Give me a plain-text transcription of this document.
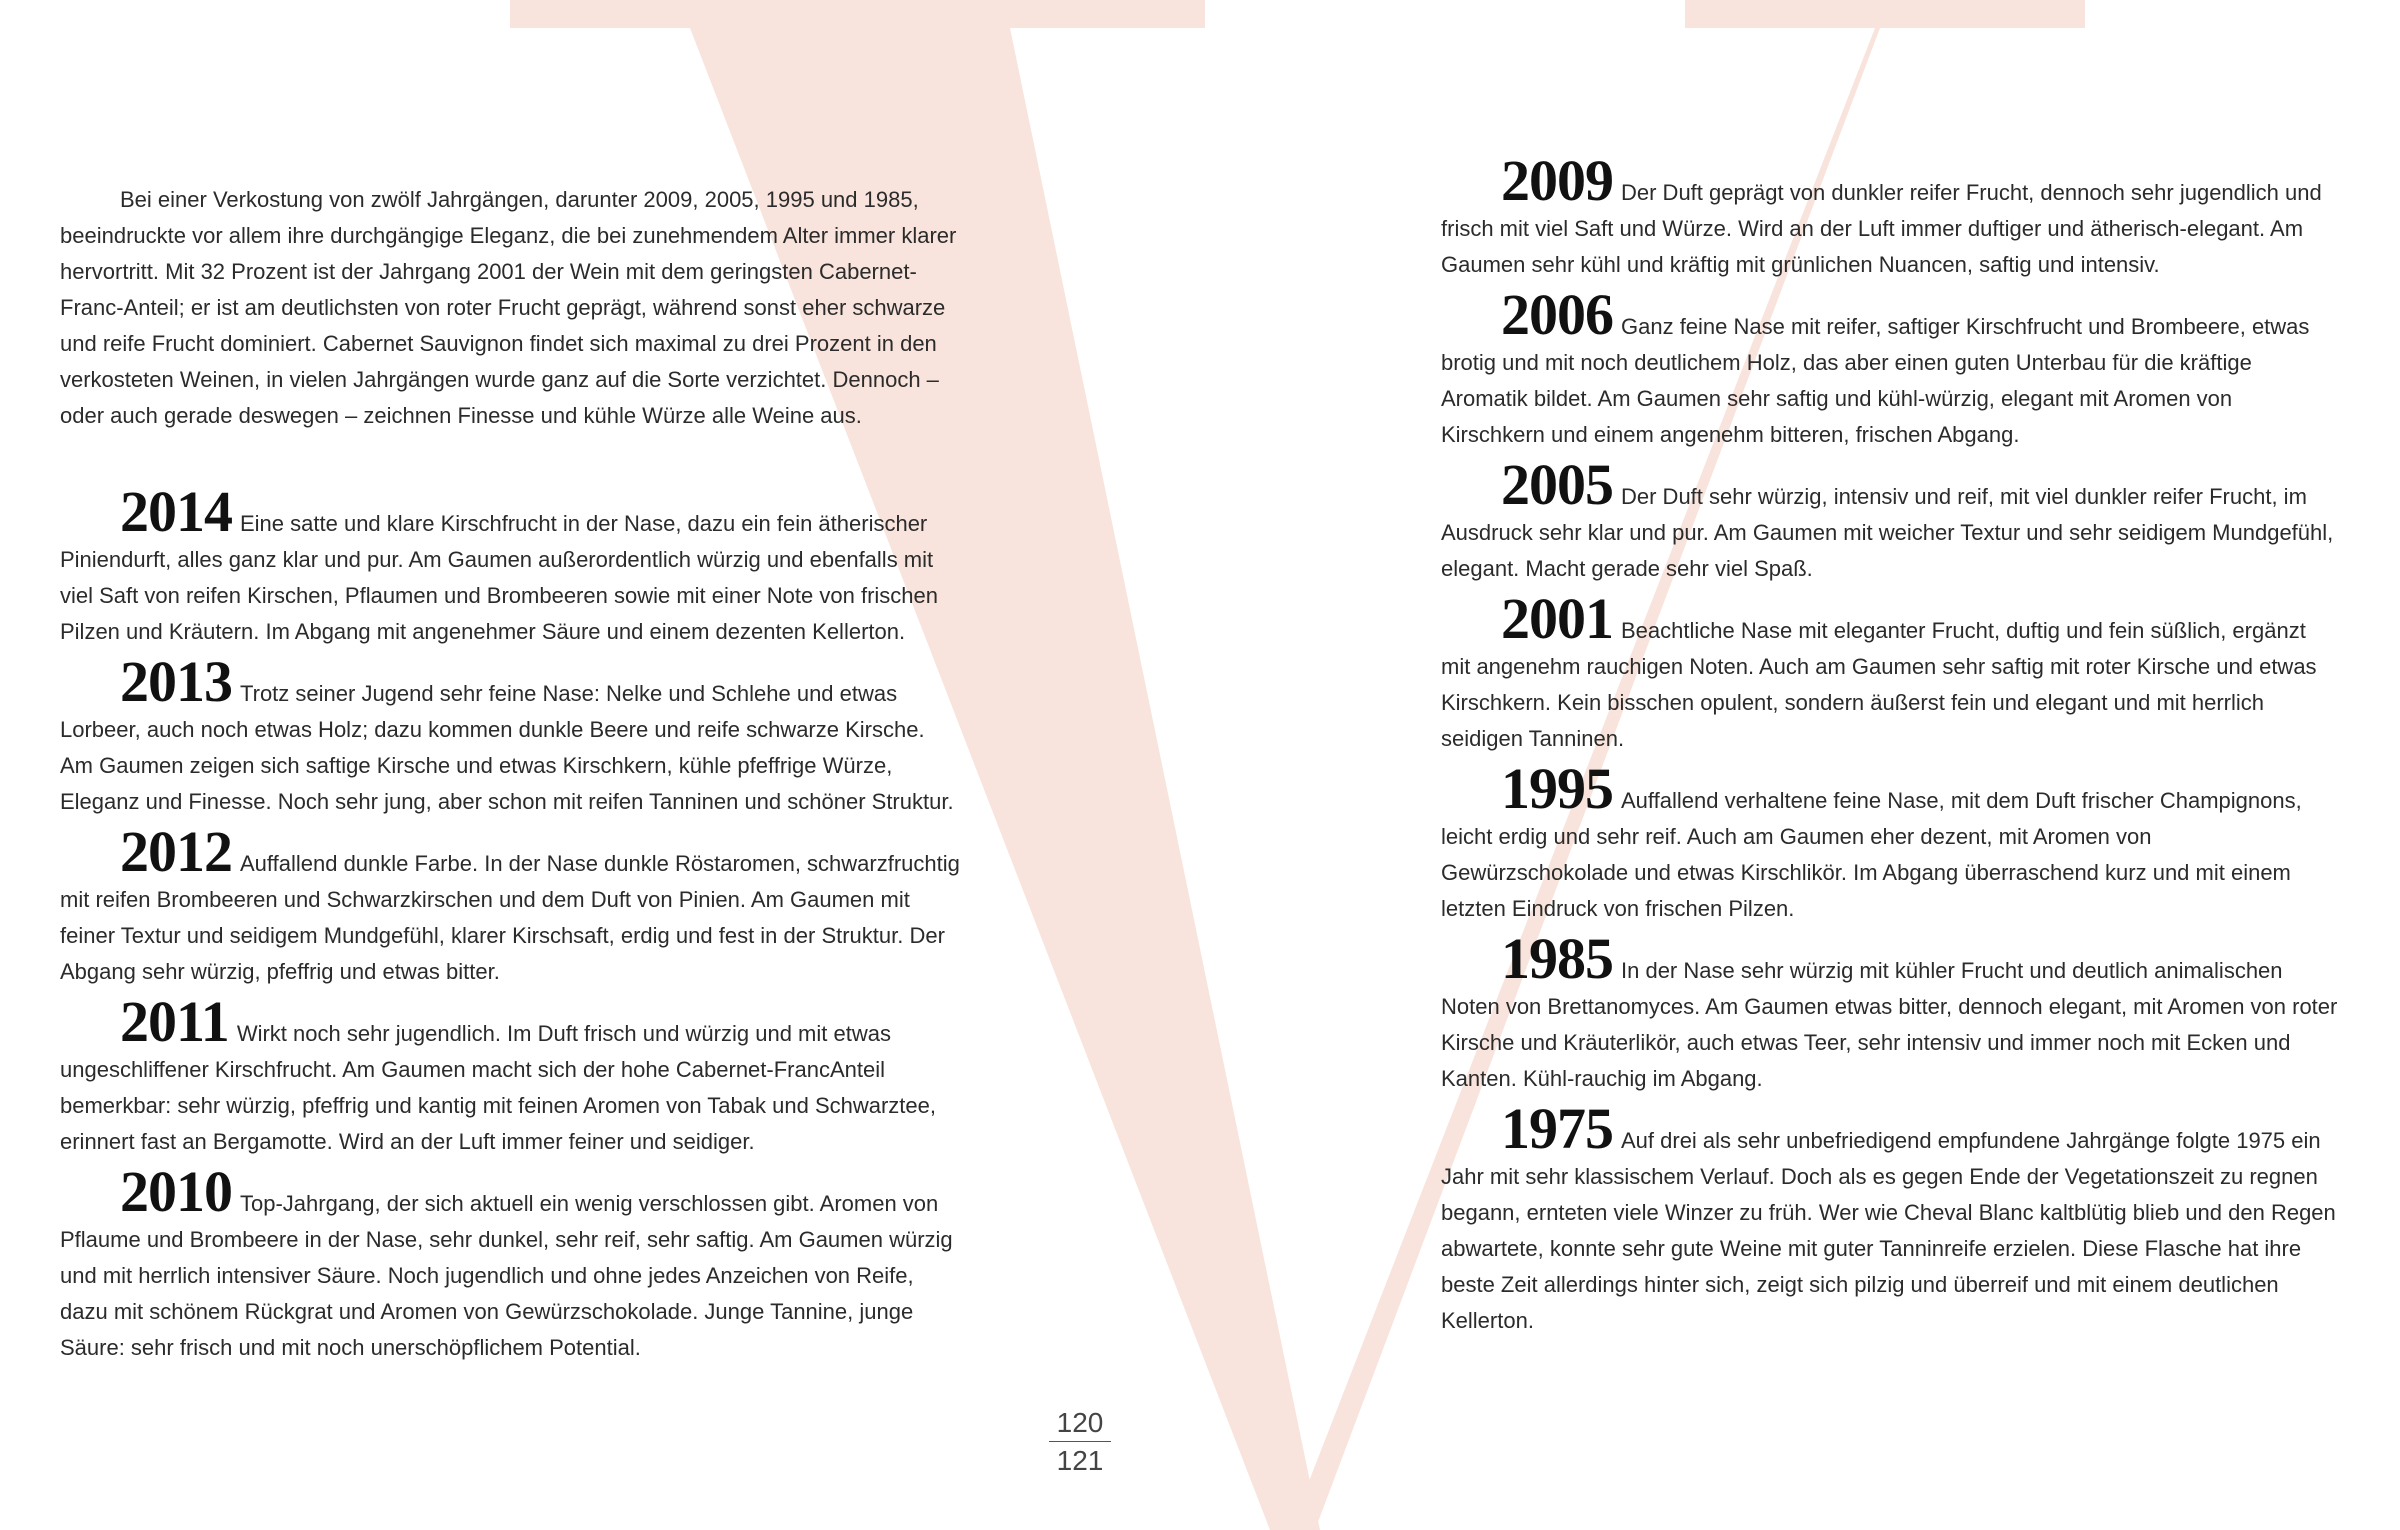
Bei einer Verkostung von zwölf Jahrgängen, darunter 2009, 2005, 1995 und 1985, beeindruckte vor allem ihre durchgängige Eleganz, die bei zunehmendem Alter immer klarer hervortritt. Mit 32 Prozent ist der Jahrgang 2001 der Wein mit dem geringsten Cabernet-Franc-Anteil; er ist am deutlichsten von roter Frucht geprägt, während sonst eher schwarze und reife Frucht dominiert. Cabernet Sauvignon findet sich maximal zu drei Prozent in den verkosteten Weinen, in vielen Jahrgängen wurde ganz auf die Sorte verzichtet. Dennoch – oder auch gerade deswegen – zeichnen Finesse und kühle Würze alle Weine aus.

2014 Eine satte und klare Kirschfrucht in der Nase, dazu ein fein ätherischer Piniendurft, alles ganz klar und pur. Am Gaumen außerordentlich würzig und ebenfalls mit viel Saft von reifen Kirschen, Pflaumen und Brombeeren sowie mit einer Note von frischen Pilzen und Kräutern. Im Abgang mit angenehmer Säure und einem dezenten Kellerton.

2013 Trotz seiner Jugend sehr feine Nase: Nelke und Schlehe und etwas Lorbeer, auch noch etwas Holz; dazu kommen dunkle Beere und reife schwarze Kirsche. Am Gaumen zeigen sich saftige Kirsche und etwas Kirschkern, kühle pfeffrige Würze, Eleganz und Finesse. Noch sehr jung, aber schon mit reifen Tanninen und schöner Struktur.

2012 Auffallend dunkle Farbe. In der Nase dunkle Röstaromen, schwarzfruchtig mit reifen Brombeeren und Schwarzkirschen und dem Duft von Pinien. Am Gaumen mit feiner Textur und seidigem Mundgefühl, klarer Kirschsaft, erdig und fest in der Struktur. Der Abgang sehr würzig, pfeffrig und etwas bitter.

2011 Wirkt noch sehr jugendlich. Im Duft frisch und würzig und mit etwas ungeschliffener Kirschfrucht. Am Gaumen macht sich der hohe Cabernet-FrancAnteil bemerkbar: sehr würzig, pfeffrig und kantig mit feinen Aromen von Tabak und Schwarztee, erinnert fast an Bergamotte. Wird an der Luft immer feiner und seidiger.

2010 Top-Jahrgang, der sich aktuell ein wenig verschlossen gibt. Aromen von Pflaume und Brombeere in der Nase, sehr dunkel, sehr reif, sehr saftig. Am Gaumen würzig und mit herrlich intensiver Säure. Noch jugendlich und ohne jedes Anzeichen von Reife, dazu mit schönem Rückgrat und Aromen von Gewürzschokolade. Junge Tannine, junge Säure: sehr frisch und mit noch unerschöpflichem Potential.

2009 Der Duft geprägt von dunkler reifer Frucht, dennoch sehr jugendlich und frisch mit viel Saft und Würze. Wird an der Luft immer duftiger und ätherisch-elegant. Am Gaumen sehr kühl und kräftig mit grünlichen Nuancen, saftig und intensiv.

2006 Ganz feine Nase mit reifer, saftiger Kirschfrucht und Brombeere, etwas brotig und mit noch deutlichem Holz, das aber einen guten Unterbau für die kräftige Aromatik bildet. Am Gaumen sehr saftig und kühl-würzig, elegant mit Aromen von Kirschkern und einem angenehm bitteren, frischen Abgang.

2005 Der Duft sehr würzig, intensiv und reif, mit viel dunkler reifer Frucht, im Ausdruck sehr klar und pur. Am Gaumen mit weicher Textur und sehr seidigem Mundgefühl, elegant. Macht gerade sehr viel Spaß.

2001 Beachtliche Nase mit eleganter Frucht, duftig und fein süßlich, ergänzt mit angenehm rauchigen Noten. Auch am Gaumen sehr saftig mit roter Kirsche und etwas Kirschkern. Kein bisschen opulent, sondern äußerst fein und elegant und mit herrlich seidigen Tanninen.

1995 Auffallend verhaltene feine Nase, mit dem Duft frischer Champignons, leicht erdig und sehr reif. Auch am Gaumen eher dezent, mit Aromen von Gewürzschokolade und etwas Kirschlikör. Im Abgang überraschend kurz und mit einem letzten Eindruck von frischen Pilzen.

1985 In der Nase sehr würzig mit kühler Frucht und deutlich animalischen Noten von Brettanomyces. Am Gaumen etwas bitter, dennoch elegant, mit Aromen von roter Kirsche und Kräuterlikör, auch etwas Teer, sehr intensiv und immer noch mit Ecken und Kanten. Kühl-rauchig im Abgang.

1975 Auf drei als sehr unbefriedigend empfundene Jahrgänge folgte 1975 ein Jahr mit sehr klassischem Verlauf. Doch als es gegen Ende der Vegetationszeit zu regnen begann, ernteten viele Winzer zu früh. Wer wie Cheval Blanc kaltblütig blieb und den Regen abwartete, konnte sehr gute Weine mit guter Tanninreife erzielen. Diese Flasche hat ihre beste Zeit allerdings hinter sich, zeigt sich pilzig und überreif und mit einem deutlichen Kellerton.

120
121
